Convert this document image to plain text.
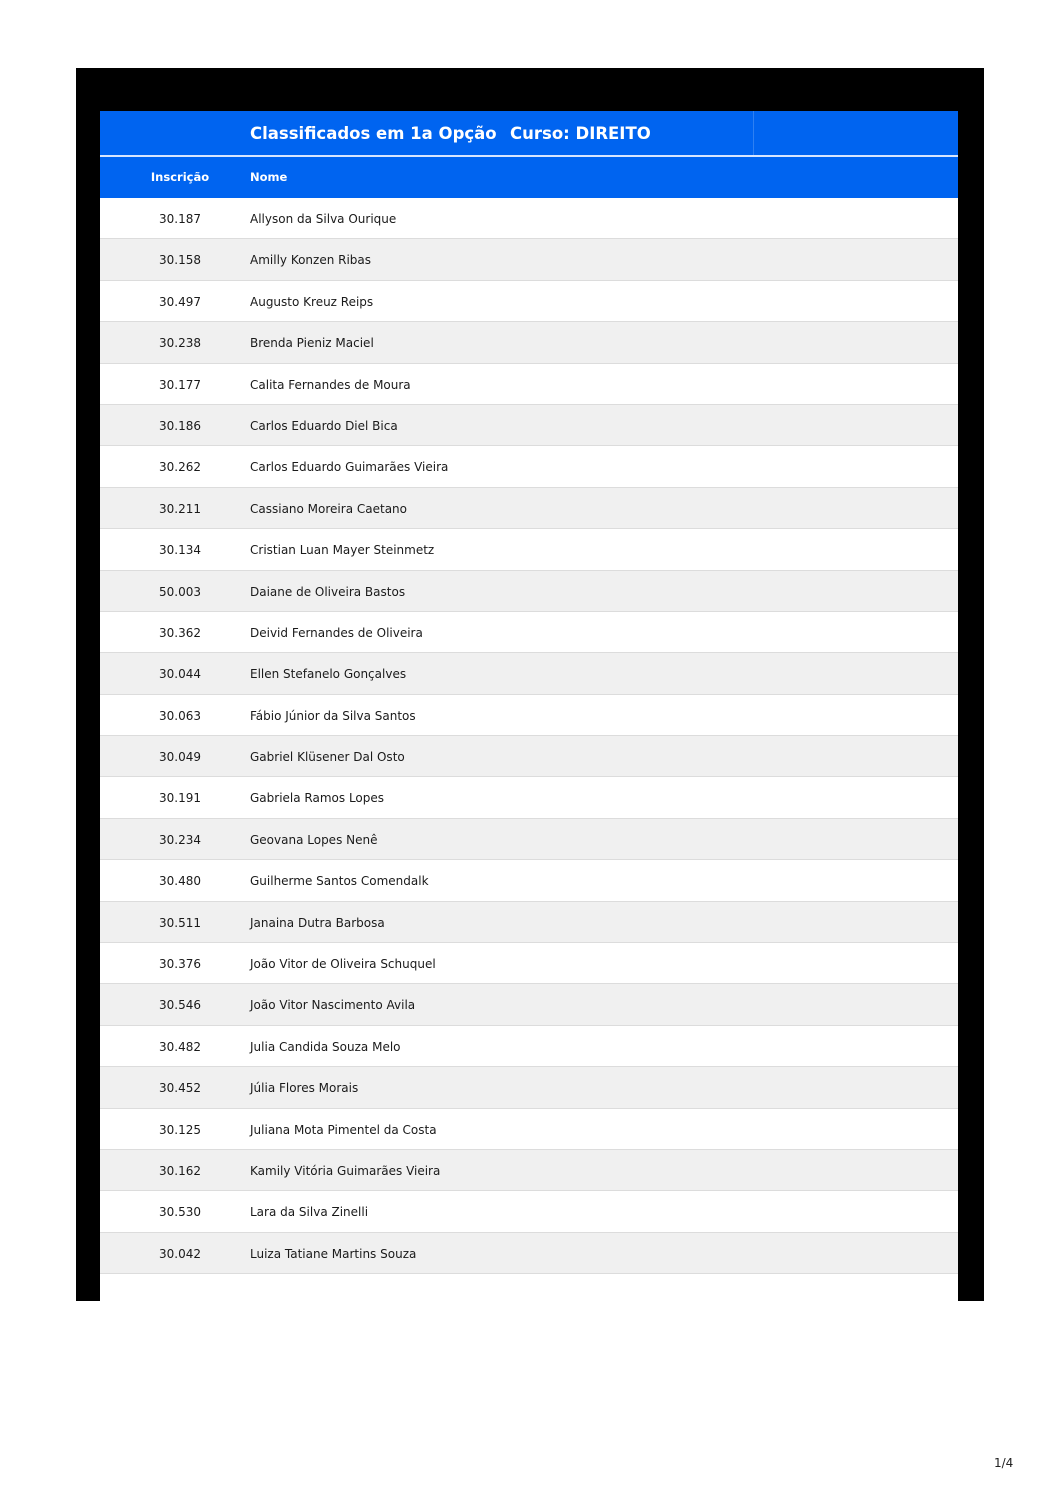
Classificados em 1a Opção Curso: DIREITO
Inscrição	Nome
30.187	Allyson da Silva Ourique
30.158	Amilly Konzen Ribas
30.497	Augusto Kreuz Reips
30.238	Brenda Pieniz Maciel
30.177	Calita Fernandes de Moura
30.186	Carlos Eduardo Diel Bica
30.262	Carlos Eduardo Guimarães Vieira
30.211	Cassiano Moreira Caetano
30.134	Cristian Luan Mayer Steinmetz
50.003	Daiane de Oliveira Bastos
30.362	Deivid Fernandes de Oliveira
30.044	Ellen Stefanelo Gonçalves
30.063	Fábio Júnior da Silva Santos
30.049	Gabriel Klüsener Dal Osto
30.191	Gabriela Ramos Lopes
30.234	Geovana Lopes Nenê
30.480	Guilherme Santos Comendalk
30.511	Janaina Dutra Barbosa
30.376	João Vitor de Oliveira Schuquel
30.546	João Vitor Nascimento Avila
30.482	Julia Candida Souza Melo
30.452	Júlia Flores Morais
30.125	Juliana Mota Pimentel da Costa
30.162	Kamily Vitória Guimarães Vieira
30.530	Lara da Silva Zinelli
30.042	Luiza Tatiane Martins Souza
1/4
